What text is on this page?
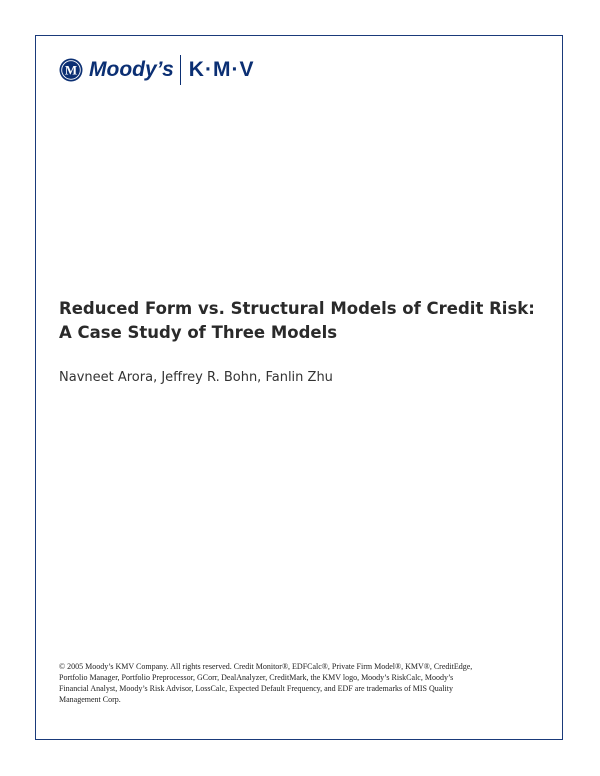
M Moody’s K·M·V
Reduced Form vs. Structural Models of Credit Risk:
A Case Study of Three Models
Navneet Arora, Jeffrey R. Bohn, Fanlin Zhu
© 2005 Moody’s KMV Company. All rights reserved. Credit Monitor®, EDFCalc®, Private Firm Model®, KMV®, CreditEdge,
Portfolio Manager, Portfolio Preprocessor, GCorr, DealAnalyzer, CreditMark, the KMV logo, Moody’s RiskCalc, Moody’s
Financial Analyst, Moody’s Risk Advisor, LossCalc, Expected Default Frequency, and EDF are trademarks of MIS Quality
Management Corp.
